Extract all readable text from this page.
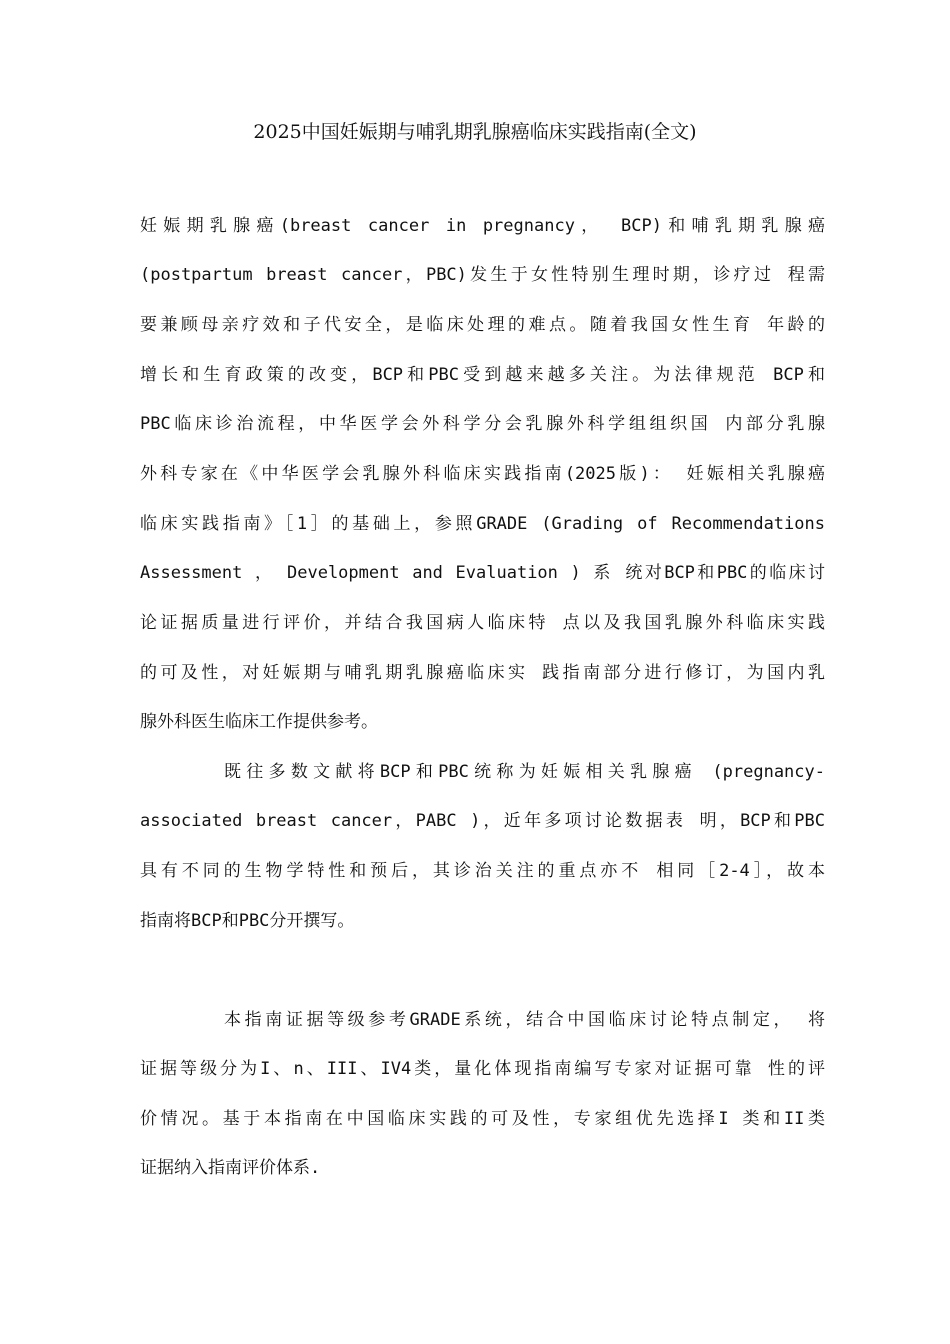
2025中国妊娠期与哺乳期乳腺癌临床实践指南(全文)
妊娠期乳腺癌(breast cancer in pregnancy， BCP)和哺乳期乳腺癌
(postpartum breast cancer，PBC)发生于女性特别生理时期，诊疗过 程需
要兼顾母亲疗效和子代安全，是临床处理的难点。随着我国女性生育 年龄的
增长和生育政策的改变，BCP和PBC受到越来越多关注。为法律规范 BCP和
PBC临床诊治流程，中华医学会外科学分会乳腺外科学组组织国 内部分乳腺
外科专家在《中华医学会乳腺外科临床实践指南(2025版)： 妊娠相关乳腺癌
临床实践指南》［1］的基础上，参照GRADE (Grading of Recommendations
Assessment ， Development and Evaluation ) 系 统对BCP和PBC的临床讨
论证据质量进行评价，并结合我国病人临床特 点以及我国乳腺外科临床实践
的可及性，对妊娠期与哺乳期乳腺癌临床实 践指南部分进行修订，为国内乳
腺外科医生临床工作提供参考。
既往多数文献将BCP和PBC统称为妊娠相关乳腺癌 (pregnancy-
associated breast cancer，PABC )，近年多项讨论数据表 明，BCP和PBC
具有不同的生物学特性和预后，其诊治关注的重点亦不 相同［2-4］，故本
指南将BCP和PBC分开撰写。
本指南证据等级参考GRADE系统，结合中国临床讨论特点制定， 将
证据等级分为I、n、III、IV4类，量化体现指南编写专家对证据可靠 性的评
价情况。基于本指南在中国临床实践的可及性，专家组优先选择I 类和II类
证据纳入指南评价体系.
